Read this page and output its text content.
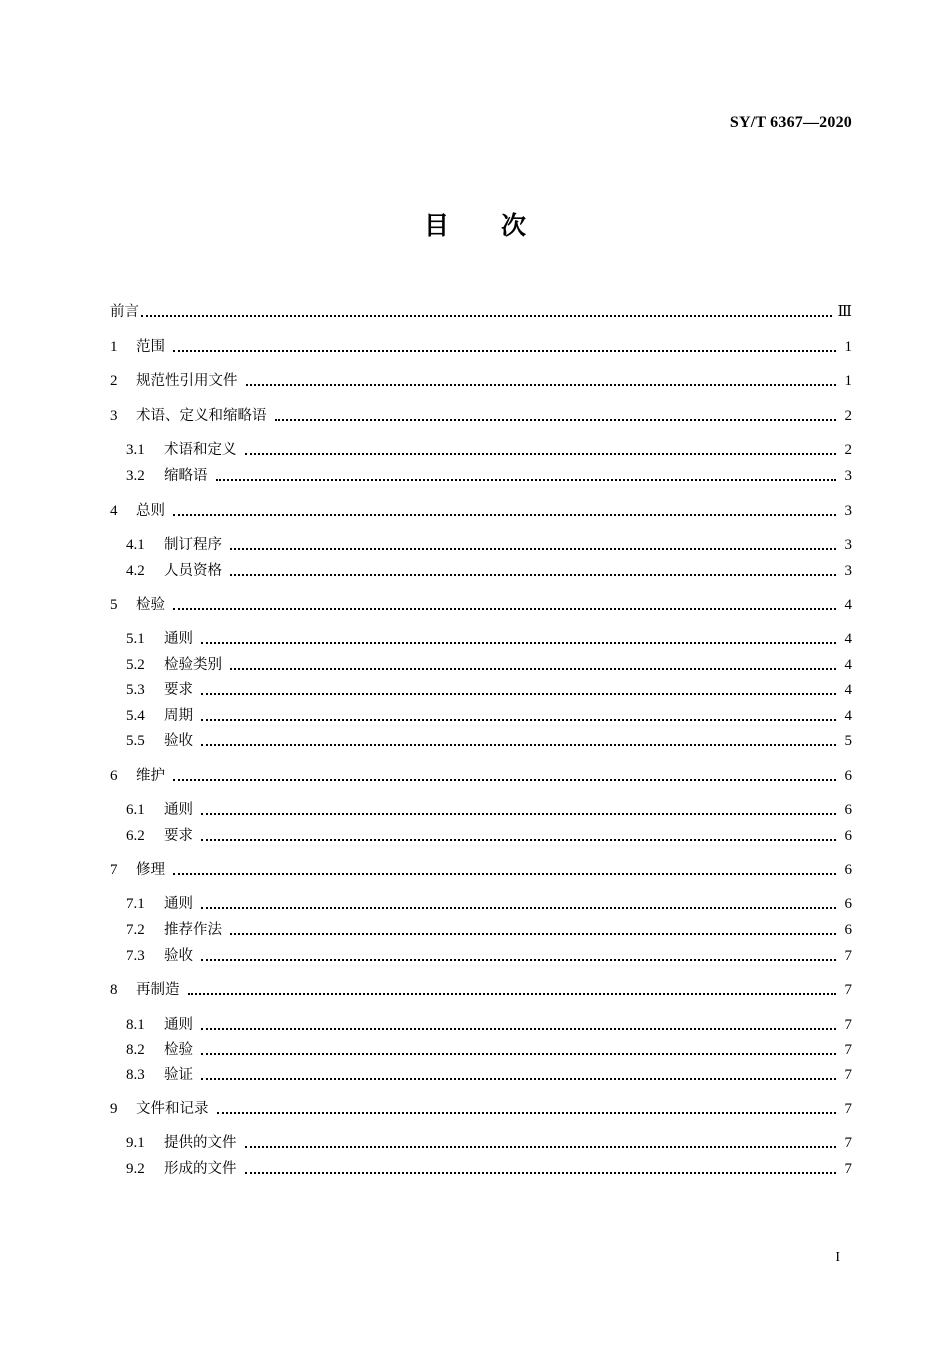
SY/T 6367—2020
目 次
前言	Ⅲ
1	范围	1
2	规范性引用文件	1
3	术语、定义和缩略语	2
3.1	术语和定义	2
3.2	缩略语	3
4	总则	3
4.1	制订程序	3
4.2	人员资格	3
5	检验	4
5.1	通则	4
5.2	检验类别	4
5.3	要求	4
5.4	周期	4
5.5	验收	5
6	维护	6
6.1	通则	6
6.2	要求	6
7	修理	6
7.1	通则	6
7.2	推荐作法	6
7.3	验收	7
8	再制造	7
8.1	通则	7
8.2	检验	7
8.3	验证	7
9	文件和记录	7
9.1	提供的文件	7
9.2	形成的文件	7
I
